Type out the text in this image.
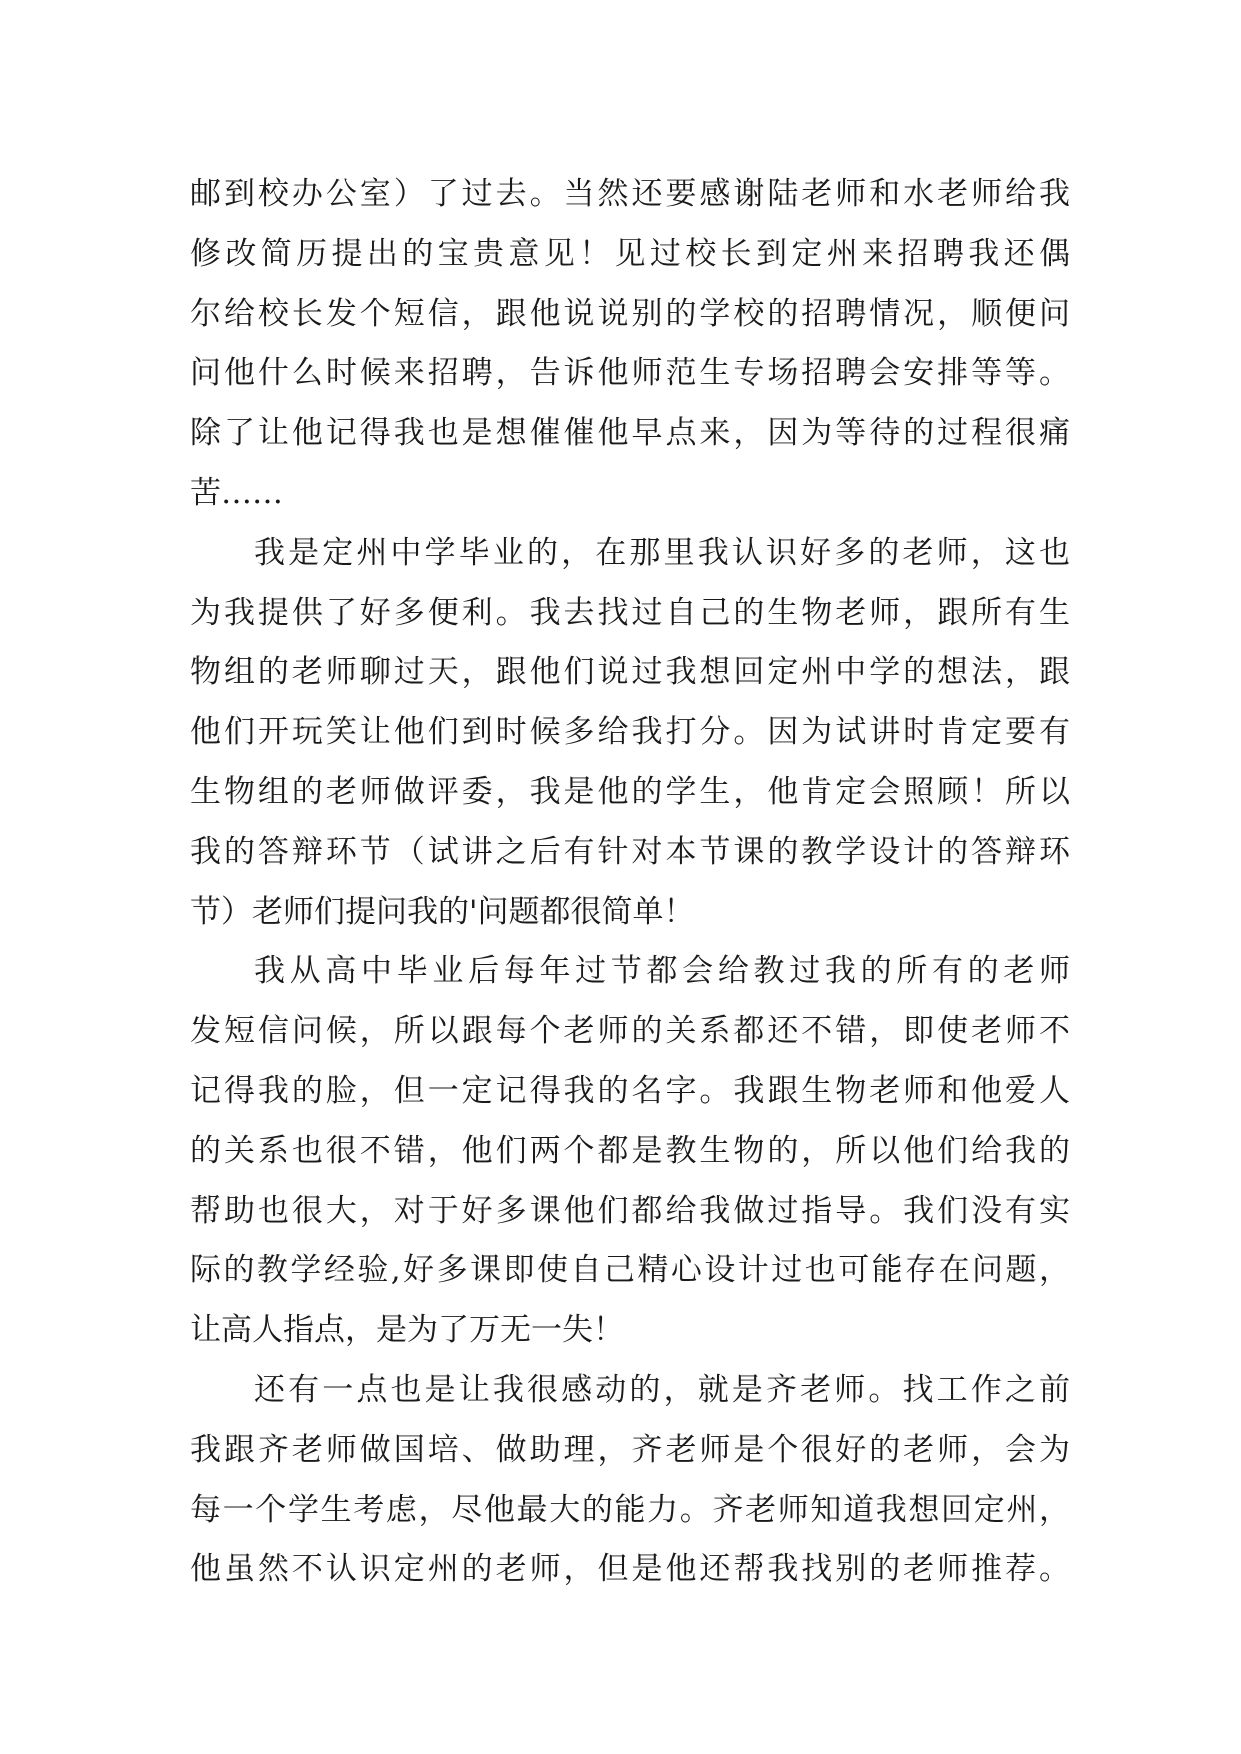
邮到校办公室）了过去。当然还要感谢陆老师和水老师给我
修改简历提出的宝贵意见！见过校长到定州来招聘我还偶
尔给校长发个短信，跟他说说别的学校的招聘情况，顺便问
问他什么时候来招聘，告诉他师范生专场招聘会安排等等。
除了让他记得我也是想催催他早点来，因为等待的过程很痛
苦……
我是定州中学毕业的，在那里我认识好多的老师，这也
为我提供了好多便利。我去找过自己的生物老师，跟所有生
物组的老师聊过天，跟他们说过我想回定州中学的想法，跟
他们开玩笑让他们到时候多给我打分。因为试讲时肯定要有
生物组的老师做评委，我是他的学生，他肯定会照顾！所以
我的答辩环节（试讲之后有针对本节课的教学设计的答辩环
节）老师们提问我的'问题都很简单！
我从高中毕业后每年过节都会给教过我的所有的老师
发短信问候，所以跟每个老师的关系都还不错，即使老师不
记得我的脸，但一定记得我的名字。我跟生物老师和他爱人
的关系也很不错，他们两个都是教生物的，所以他们给我的
帮助也很大，对于好多课他们都给我做过指导。我们没有实
际的教学经验,好多课即使自己精心设计过也可能存在问题，
让高人指点，是为了万无一失！
还有一点也是让我很感动的，就是齐老师。找工作之前
我跟齐老师做国培、做助理，齐老师是个很好的老师，会为
每一个学生考虑，尽他最大的能力。齐老师知道我想回定州，
他虽然不认识定州的老师，但是他还帮我找别的老师推荐。
